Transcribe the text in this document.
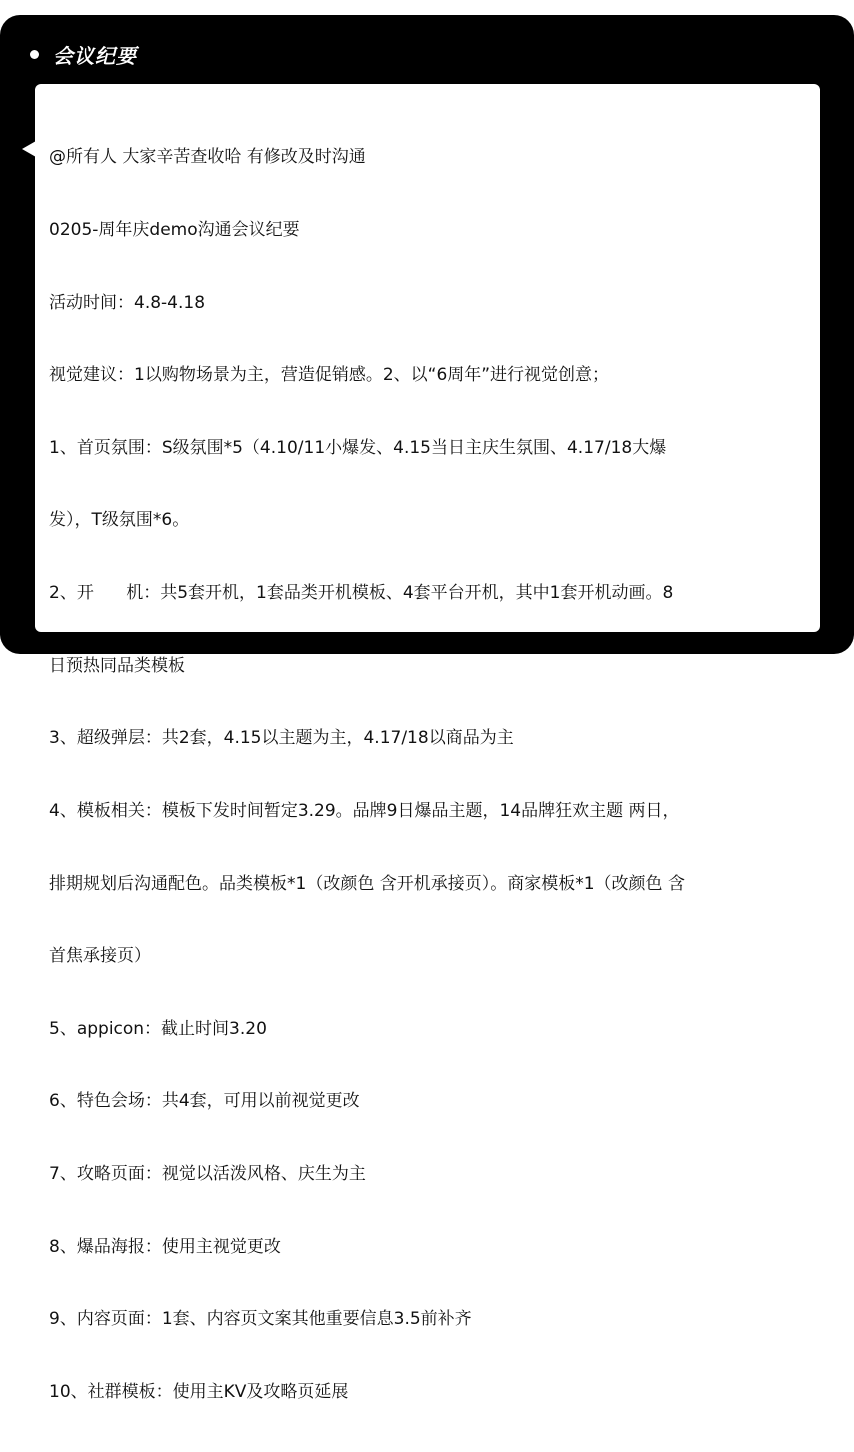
会议纪要

@所有人 大家辛苦查收哈 有修改及时沟通

0205-周年庆demo沟通会议纪要

活动时间：4.8-4.18

视觉建议：1以购物场景为主，营造促销感。2、以“6周年”进行视觉创意；

1、首页氛围：S级氛围*5（4.10/11小爆发、4.15当日主庆生氛围、4.17/18大爆

发），T级氛围*6。

2、开      机：共5套开机，1套品类开机模板、4套平台开机，其中1套开机动画。8

日预热同品类模板

3、超级弹层：共2套，4.15以主题为主，4.17/18以商品为主

4、模板相关：模板下发时间暂定3.29。品牌9日爆品主题，14品牌狂欢主题 两日，

排期规划后沟通配色。品类模板*1（改颜色 含开机承接页）。商家模板*1（改颜色 含

首焦承接页）

5、appicon：截止时间3.20

6、特色会场：共4套，可用以前视觉更改

7、攻略页面：视觉以活泼风格、庆生为主

8、爆品海报：使用主视觉更改

9、内容页面：1套、内容页文案其他重要信息3.5前补齐

10、社群模板：使用主KV及攻略页延展
